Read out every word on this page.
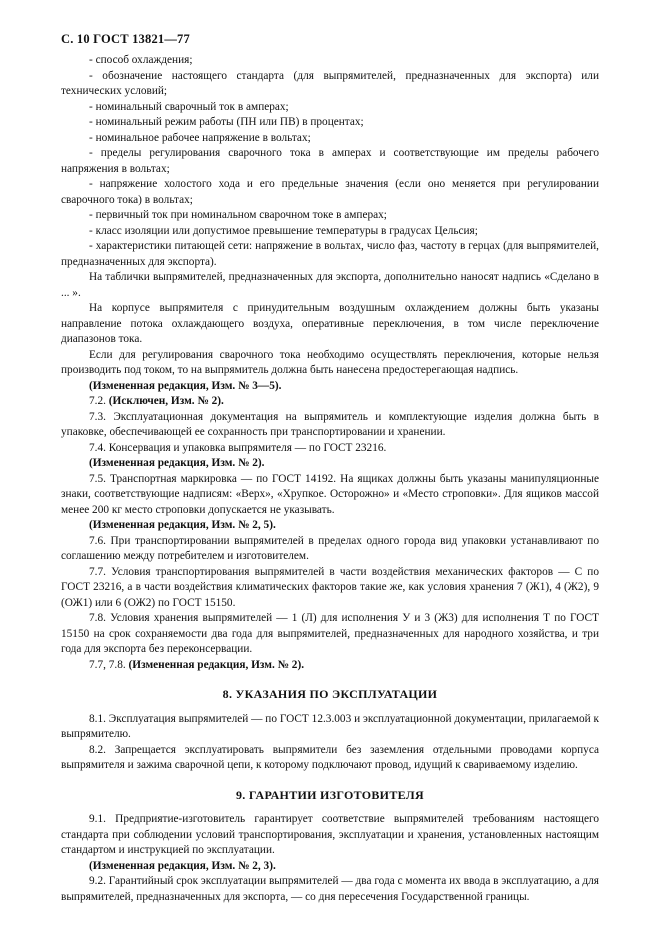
С. 10 ГОСТ 13821—77

- способ охлаждения;

- обозначение настоящего стандарта (для выпрямителей, предназначенных для экспорта) или технических условий;

- номинальный сварочный ток в амперах;

- номинальный режим работы (ПН или ПВ) в процентах;

- номинальное рабочее напряжение в вольтах;

- пределы регулирования сварочного тока в амперах и соответствующие им пределы рабочего напряжения в вольтах;

- напряжение холостого хода и его предельные значения (если оно меняется при регулировании сварочного тока) в вольтах;

- первичный ток при номинальном сварочном токе в амперах;

- класс изоляции или допустимое превышение температуры в градусах Цельсия;

- характеристики питающей сети: напряжение в вольтах, число фаз, частоту в герцах (для выпрямителей, предназначенных для экспорта).

На таблички выпрямителей, предназначенных для экспорта, дополнительно наносят надпись «Сделано в ... ».

На корпусе выпрямителя с принудительным воздушным охлаждением должны быть указаны направление потока охлаждающего воздуха, оперативные переключения, в том числе переключение диапазонов тока.

Если для регулирования сварочного тока необходимо осуществлять переключения, которые нельзя производить под током, то на выпрямитель должна быть нанесена предостерегающая надпись.

(Измененная редакция, Изм. № 3—5).

7.2. (Исключен, Изм. № 2).

7.3. Эксплуатационная документация на выпрямитель и комплектующие изделия должна быть в упаковке, обеспечивающей ее сохранность при транспортировании и хранении.

7.4. Консервация и упаковка выпрямителя — по ГОСТ 23216.

(Измененная редакция, Изм. № 2).

7.5. Транспортная маркировка — по ГОСТ 14192. На ящиках должны быть указаны манипуляционные знаки, соответствующие надписям: «Верх», «Хрупкое. Осторожно» и «Место строповки». Для ящиков массой менее 200 кг место строповки допускается не указывать.

(Измененная редакция, Изм. № 2, 5).

7.6. При транспортировании выпрямителей в пределах одного города вид упаковки устанавливают по соглашению между потребителем и изготовителем.

7.7. Условия транспортирования выпрямителей в части воздействия механических факторов — С по ГОСТ 23216, а в части воздействия климатических факторов такие же, как условия хранения 7 (Ж1), 4 (Ж2), 9 (ОЖ1) или 6 (ОЖ2) по ГОСТ 15150.

7.8. Условия хранения выпрямителей — 1 (Л) для исполнения У и 3 (Ж3) для исполнения Т по ГОСТ 15150 на срок сохраняемости два года для выпрямителей, предназначенных для народного хозяйства, и три года для экспорта без переконсервации.

7.7, 7.8. (Измененная редакция, Изм. № 2).

8. УКАЗАНИЯ ПО ЭКСПЛУАТАЦИИ

8.1. Эксплуатация выпрямителей — по ГОСТ 12.3.003 и эксплуатационной документации, прилагаемой к выпрямителю.

8.2. Запрещается эксплуатировать выпрямители без заземления отдельными проводами корпуса выпрямителя и зажима сварочной цепи, к которому подключают провод, идущий к свариваемому изделию.

9. ГАРАНТИИ ИЗГОТОВИТЕЛЯ

9.1. Предприятие-изготовитель гарантирует соответствие выпрямителей требованиям настоящего стандарта при соблюдении условий транспортирования, эксплуатации и хранения, установленных настоящим стандартом и инструкцией по эксплуатации.

(Измененная редакция, Изм. № 2, 3).

9.2. Гарантийный срок эксплуатации выпрямителей — два года с момента их ввода в эксплуатацию, а для выпрямителей, предназначенных для экспорта, — со дня пересечения Государственной границы.
